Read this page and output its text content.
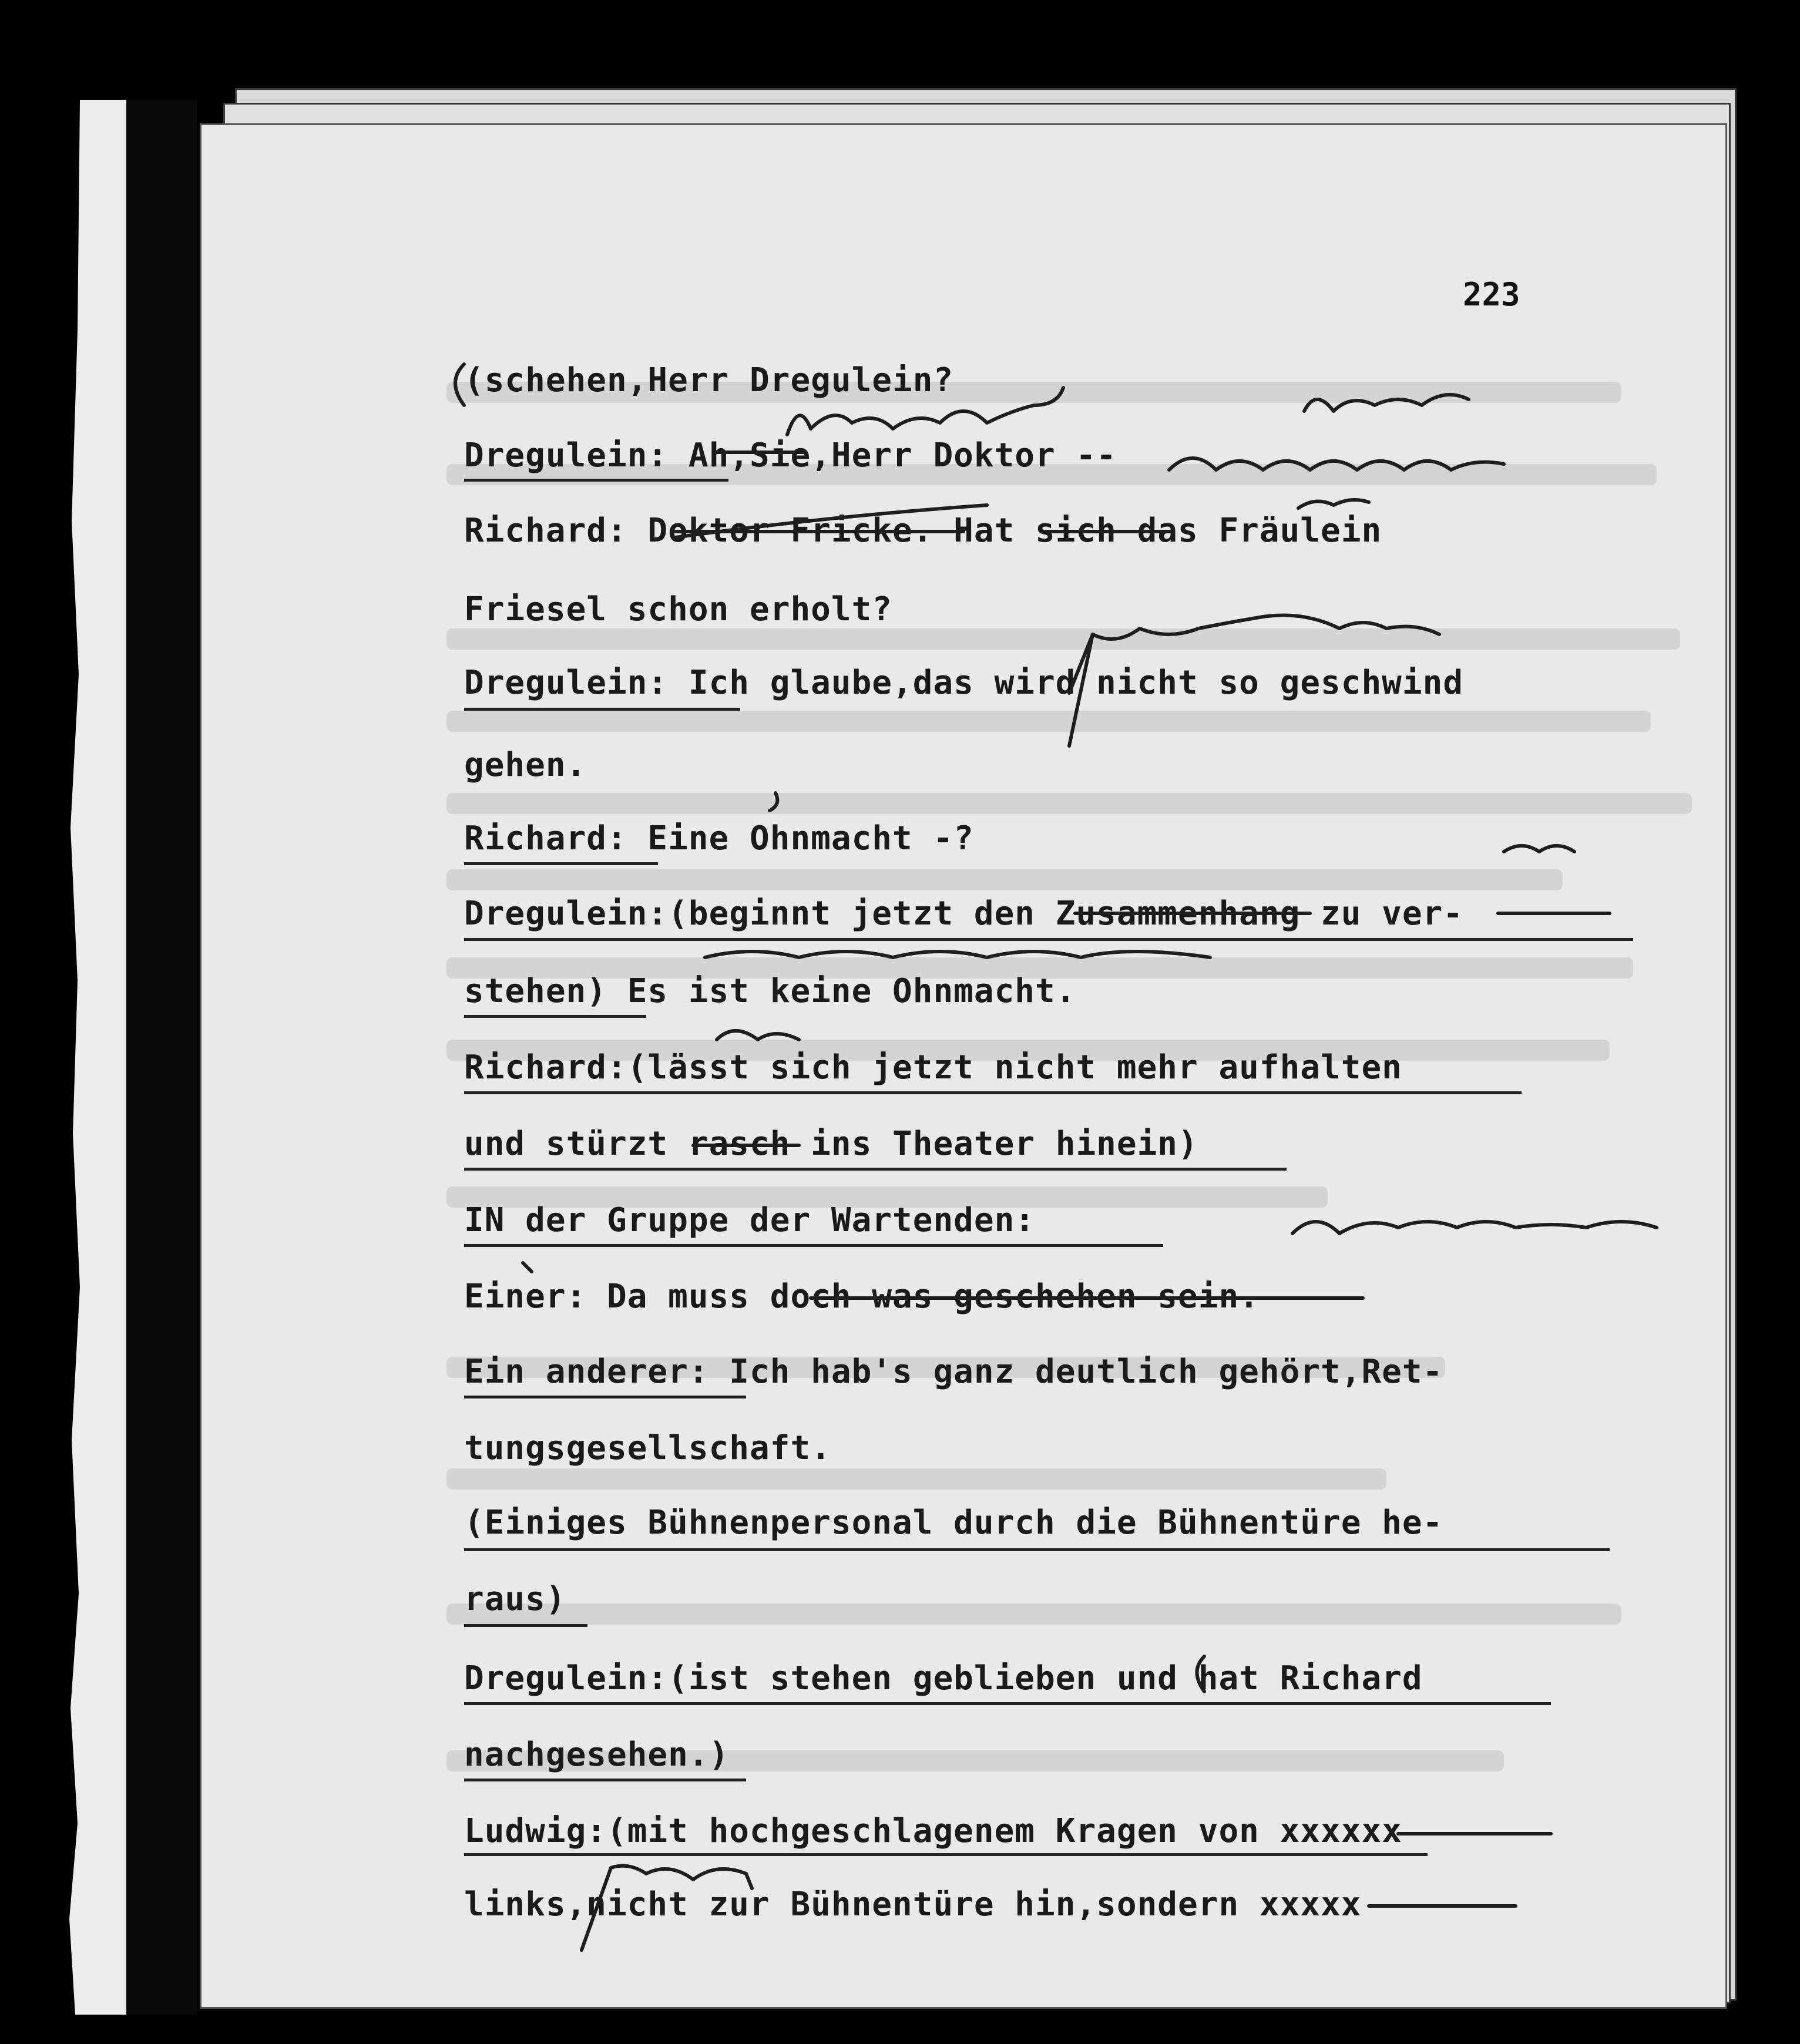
223
(schehen,Herr Dregulein?
Dregulein: Ah,Sie,Herr Doktor --
Richard: Doktor Fricke. Hat sich das Fräulein
Friesel schon erholt?
Dregulein: Ich glaube,das wird nicht so geschwind
gehen.
Richard: Eine Ohnmacht -?
Dregulein:(beginnt jetzt den Zusammenhang zu ver-
stehen) Es ist keine Ohnmacht.
Richard:(lässt sich jetzt nicht mehr aufhalten
und stürzt rasch ins Theater hinein)
IN der Gruppe der Wartenden:
Einer: Da muss doch was geschehen sein.
Ein anderer: Ich hab's ganz deutlich gehört,Ret-
tungsgesellschaft.
(Einiges Bühnenpersonal durch die Bühnentüre he-
raus)
Dregulein:(ist stehen geblieben und hat Richard
nachgesehen.)
Ludwig:(mit hochgeschlagenem Kragen von xxxxxx
links,nicht zur Bühnentüre hin,sondern xxxxx
